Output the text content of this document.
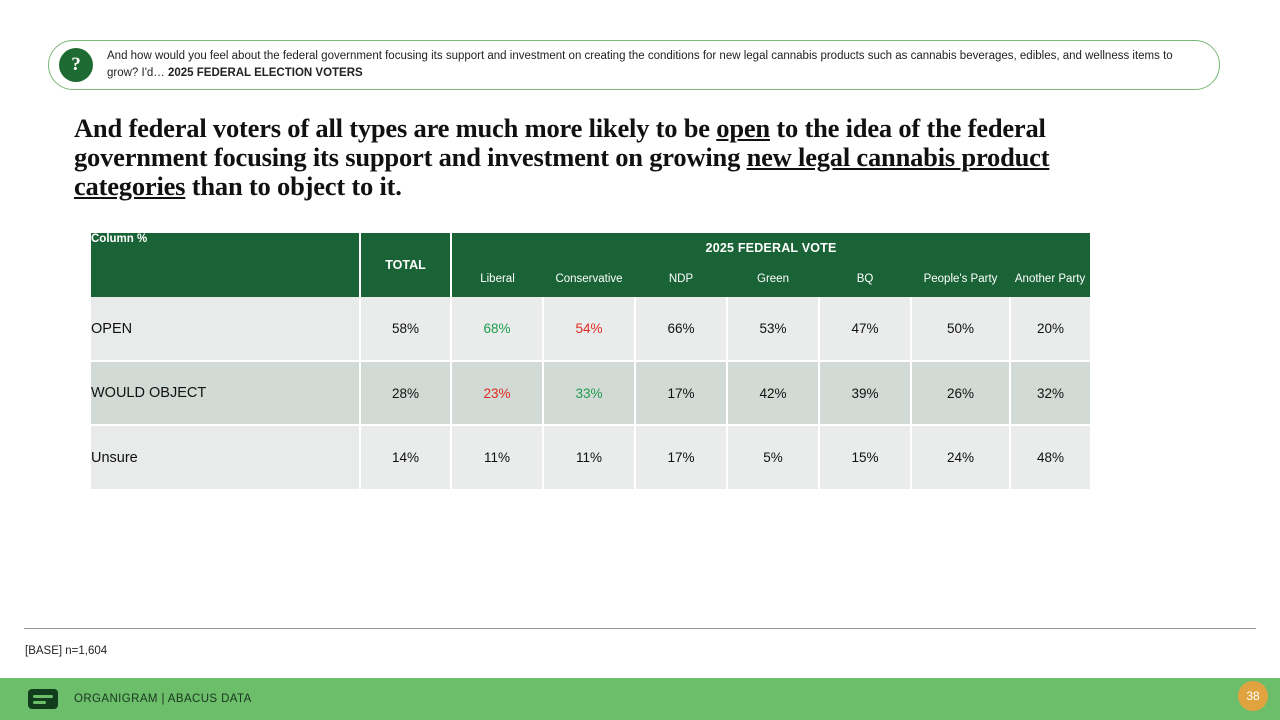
?	And how would you feel about the federal government focusing its support and investment on creating the conditions for new legal cannabis products such as cannabis beverages, edibles, and wellness items to grow? I'd… 2025 FEDERAL ELECTION VOTERS
And federal voters of all types are much more likely to be open to the idea of the federal government focusing its support and investment on growing new legal cannabis product categories than to object to it.
Column %	TOTAL	2025 FEDERAL VOTE						
		Liberal	Conservative	NDP	Green	BQ	People's Party	Another Party
OPEN	58%	68%	54%	66%	53%	47%	50%	20%
WOULD OBJECT	28%	23%	33%	17%	42%	39%	26%	32%
Unsure	14%	11%	11%	17%	5%	15%	24%	48%
[BASE] n=1,604
ORGANIGRAM | ABACUS DATA	38
